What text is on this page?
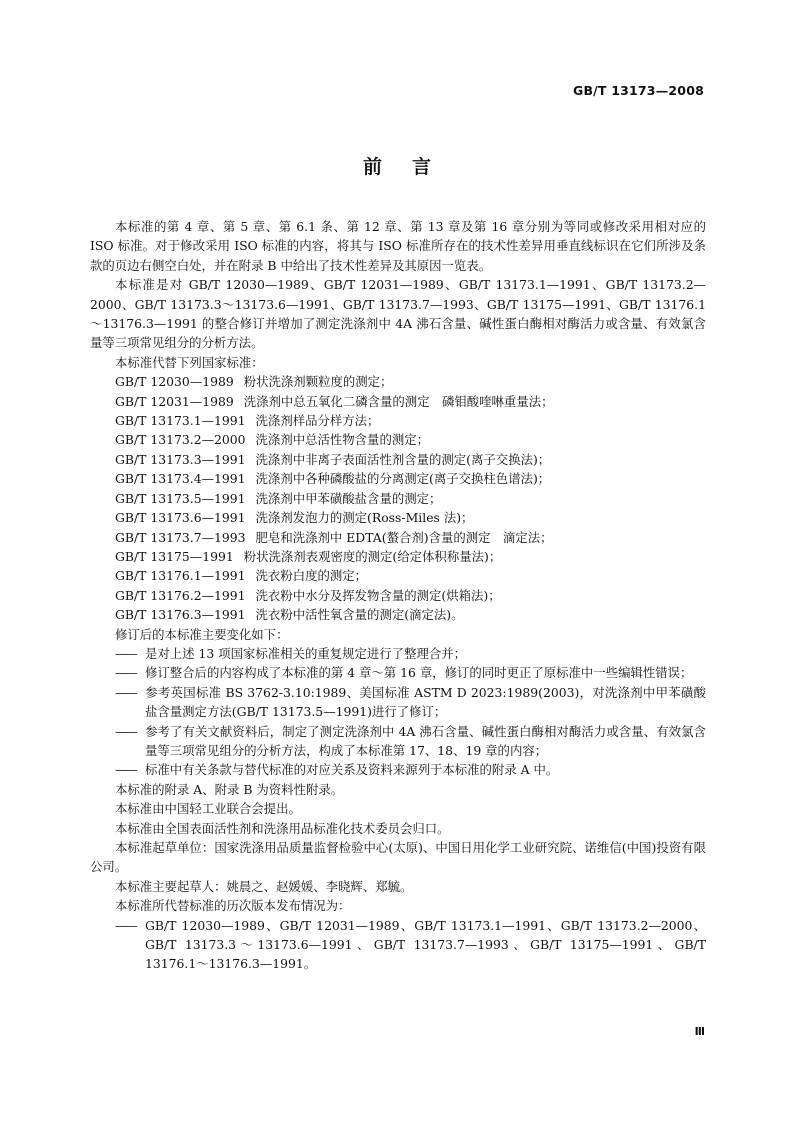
GB/T 13173—2008
前言

本标准的第 4 章、第 5 章、第 6.1 条、第 12 章、第 13 章及第 16 章分别为等同或修改采用相对应的 ISO 标准。对于修改采用 ISO 标准的内容，将其与 ISO 标准所存在的技术性差异用垂直线标识在它们所涉及条款的页边右侧空白处，并在附录 B 中给出了技术性差异及其原因一览表。

本标准是对 GB/T 12030—1989、GB/T 12031—1989、GB/T 13173.1—1991、GB/T 13173.2—2000、GB/T 13173.3～13173.6—1991、GB/T 13173.7—1993、GB/T 13175—1991、GB/T 13176.1～13176.3—1991 的整合修订并增加了测定洗涤剂中 4A 沸石含量、碱性蛋白酶相对酶活力或含量、有效氯含量等三项常见组分的分析方法。

本标准代替下列国家标准：

GB/T 12030—1989 粉状洗涤剂颗粒度的测定；

GB/T 12031—1989 洗涤剂中总五氧化二磷含量的测定　磷钼酸喹啉重量法；

GB/T 13173.1—1991 洗涤剂样品分样方法；

GB/T 13173.2—2000 洗涤剂中总活性物含量的测定；

GB/T 13173.3—1991 洗涤剂中非离子表面活性剂含量的测定(离子交换法)；

GB/T 13173.4—1991 洗涤剂中各种磷酸盐的分离测定(离子交换柱色谱法)；

GB/T 13173.5—1991 洗涤剂中甲苯磺酸盐含量的测定；

GB/T 13173.6—1991 洗涤剂发泡力的测定(Ross-Miles 法)；

GB/T 13173.7—1993 肥皂和洗涤剂中 EDTA(螯合剂)含量的测定　滴定法；

GB/T 13175—1991 粉状洗涤剂表观密度的测定(给定体积称量法)；

GB/T 13176.1—1991 洗衣粉白度的测定；

GB/T 13176.2—1991 洗衣粉中水分及挥发物含量的测定(烘箱法)；

GB/T 13176.3—1991 洗衣粉中活性氧含量的测定(滴定法)。

修订后的本标准主要变化如下：

—— 是对上述 13 项国家标准相关的重复规定进行了整理合并；

—— 修订整合后的内容构成了本标准的第 4 章～第 16 章，修订的同时更正了原标准中一些编辑性错误；

—— 参考英国标准 BS 3762-3.10:1989、美国标准 ASTM D 2023:1989(2003)，对洗涤剂中甲苯磺酸盐含量测定方法(GB/T 13173.5—1991)进行了修订；

—— 参考了有关文献资料后，制定了测定洗涤剂中 4A 沸石含量、碱性蛋白酶相对酶活力或含量、有效氯含量等三项常见组分的分析方法，构成了本标准第 17、18、19 章的内容；

—— 标准中有关条款与替代标准的对应关系及资料来源列于本标准的附录 A 中。

本标准的附录 A、附录 B 为资料性附录。

本标准由中国轻工业联合会提出。

本标准由全国表面活性剂和洗涤用品标准化技术委员会归口。

本标准起草单位：国家洗涤用品质量监督检验中心(太原)、中国日用化学工业研究院、诺维信(中国)投资有限公司。

本标准主要起草人：姚晨之、赵媛媛、李晓辉、郑毓。

本标准所代替标准的历次版本发布情况为：

—— GB/T 12030—1989、GB/T 12031—1989、GB/T 13173.1—1991、GB/T 13173.2—2000、GB/T 13173.3～13173.6—1991、GB/T 13173.7—1993、GB/T 13175—1991、GB/T 13176.1～13176.3—1991。

Ⅲ
